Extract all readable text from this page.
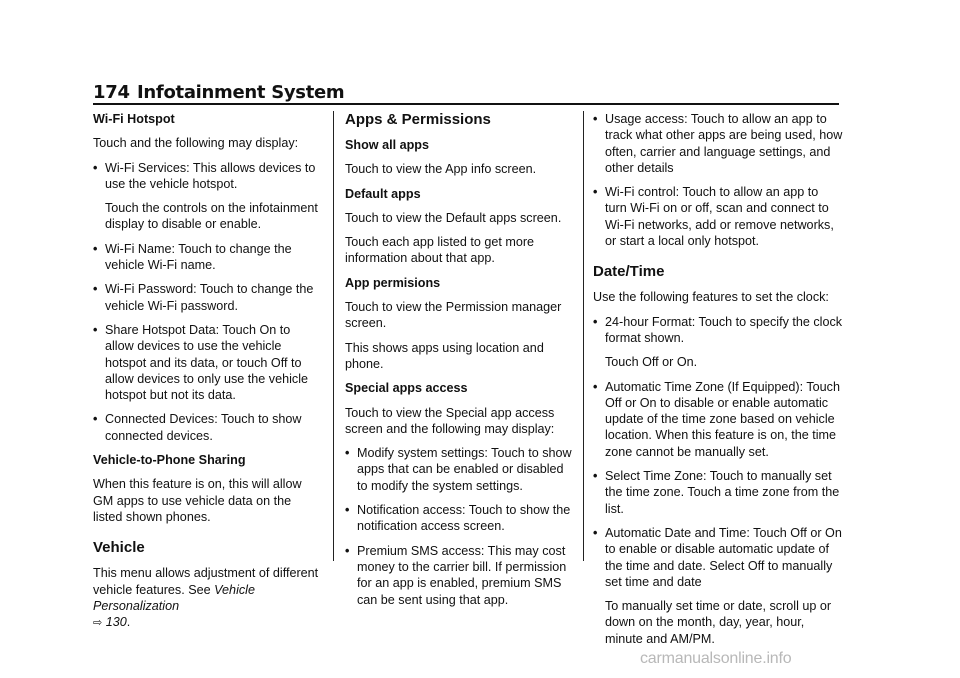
174 Infotainment System

Wi-Fi Hotspot

Touch and the following may display:

• Wi-Fi Services: This allows devices to use the vehicle hotspot.

Touch the controls on the infotainment display to disable or enable.

• Wi-Fi Name: Touch to change the vehicle Wi-Fi name.
• Wi-Fi Password: Touch to change the vehicle Wi-Fi password.
• Share Hotspot Data: Touch On to allow devices to use the vehicle hotspot and its data, or touch Off to allow devices to only use the vehicle hotspot but not its data.
• Connected Devices: Touch to show connected devices.

Vehicle-to-Phone Sharing

When this feature is on, this will allow GM apps to use vehicle data on the listed shown phones.

Vehicle

This menu allows adjustment of different vehicle features. See Vehicle Personalization
⇨ 130.

Apps & Permissions

Show all apps

Touch to view the App info screen.

Default apps

Touch to view the Default apps screen.

Touch each app listed to get more information about that app.

App permisions

Touch to view the Permission manager screen.

This shows apps using location and phone.

Special apps access

Touch to view the Special app access screen and the following may display:

• Modify system settings: Touch to show apps that can be enabled or disabled to modify the system settings.
• Notification access: Touch to show the notification access screen.
• Premium SMS access: This may cost money to the carrier bill. If permission for an app is enabled, premium SMS can be sent using that app.
• Usage access: Touch to allow an app to track what other apps are being used, how often, carrier and language settings, and other details
• Wi-Fi control: Touch to allow an app to turn Wi-Fi on or off, scan and connect to Wi-Fi networks, add or remove networks, or start a local only hotspot.
Date/Time

Use the following features to set the clock:

• 24-hour Format: Touch to specify the clock format shown.

Touch Off or On.

• Automatic Time Zone (If Equipped): Touch Off or On to disable or enable automatic update of the time zone based on vehicle location. When this feature is on, the time zone cannot be manually set.
• Select Time Zone: Touch to manually set the time zone. Touch a time zone from the list.
• Automatic Date and Time: Touch Off or On to enable or disable automatic update of the time and date. Select Off to manually set time and date

To manually set time or date, scroll up or down on the month, day, year, hour, minute and AM/PM.

carmanualsonline.info
